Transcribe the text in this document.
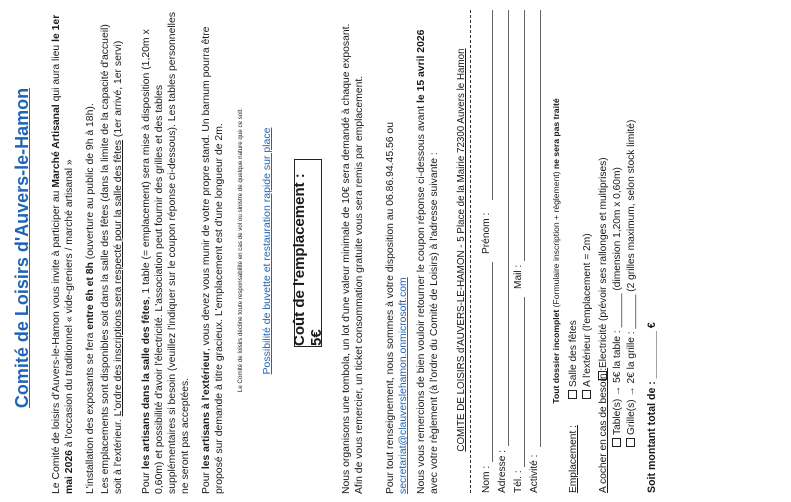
Comité de Loisirs d'Auvers-le-Hamon Le Comité de loisirs d'Auvers-le-Hamon vous invite à participer au Marché Artisanal qui aura lieu le 1er mai 2026 à l'occasion du traditionnel « vide-greniers / marché artisanal » L'installation des exposants se fera entre 6h et 8h (ouverture au public de 9h à 18h). Les emplacements sont disponibles soit dans la salle des fêtes (dans la limite de la capacité d'accueil) soit à l'extérieur. L'ordre des inscriptions sera respecté pour la salle des fêtes (1er arrivé, 1er servi)
Pour les artisans dans la salle des fêtes, 1 table (= emplacement) sera mise à disposition (1,20m x 0,60m) et possibilité d'avoir l'électricité. L'association peut fournir des grilles et des tables supplémentaires si besoin (veuillez l'indiquer sur le coupon réponse ci-dessous). Les tables personnelles ne seront pas acceptées. Pour les artisans à l'extérieur, vous devez vous munir de votre propre stand. Un barnum pourra être proposé sur demande à titre gracieux. L'emplacement est d'une longueur de 2m. Le Comité de loisirs décline toute responsabilité en cas de vol ou sinistre de quelque nature que ce soit.	Coût de l'emplacement : 5€
Possibilité de buvette et restauration rapide sur place	Nous organisons une tombola, un lot d'une valeur minimale de 10€ sera demandé à chaque exposant. Afin de vous remercier, un ticket consommation gratuite vous sera remis par emplacement. Pour tout renseignement, nous sommes à votre disposition au 06.86.94.45.56 ou secretariat@clauverslehamon.onmicrosoft.com Nous vous remercions de bien vouloir retourner le coupon réponse ci-dessous avant le 15 avril 2026 avec votre règlement (à l'ordre du Comité de Loisirs) à l'adresse suivante : COMITE DE LOISIRS d'AUVERS-LE-HAMON - 5 Place de la Mairie 72300 Auvers le Hamon
Nom :
Prénom :
Adresse : Tél. :
Mail :
Activité :
Tout dossier incomplet (Formulaire inscription + règlement) ne sera pas traité
Emplacement :
Salle des fêtes A l'extérieur (l'emplacement = 2m)
A cocher en cas de besoin :
Electricité (prévoir ses rallonges et multiprises) Table(s) → 5€ la table : ______ (dimension 1,20m x 0,60m) Grille(s) → 2€ la grille : ______ (2 grilles maximum, selon stock limité) Soit montant total de : ________ €
